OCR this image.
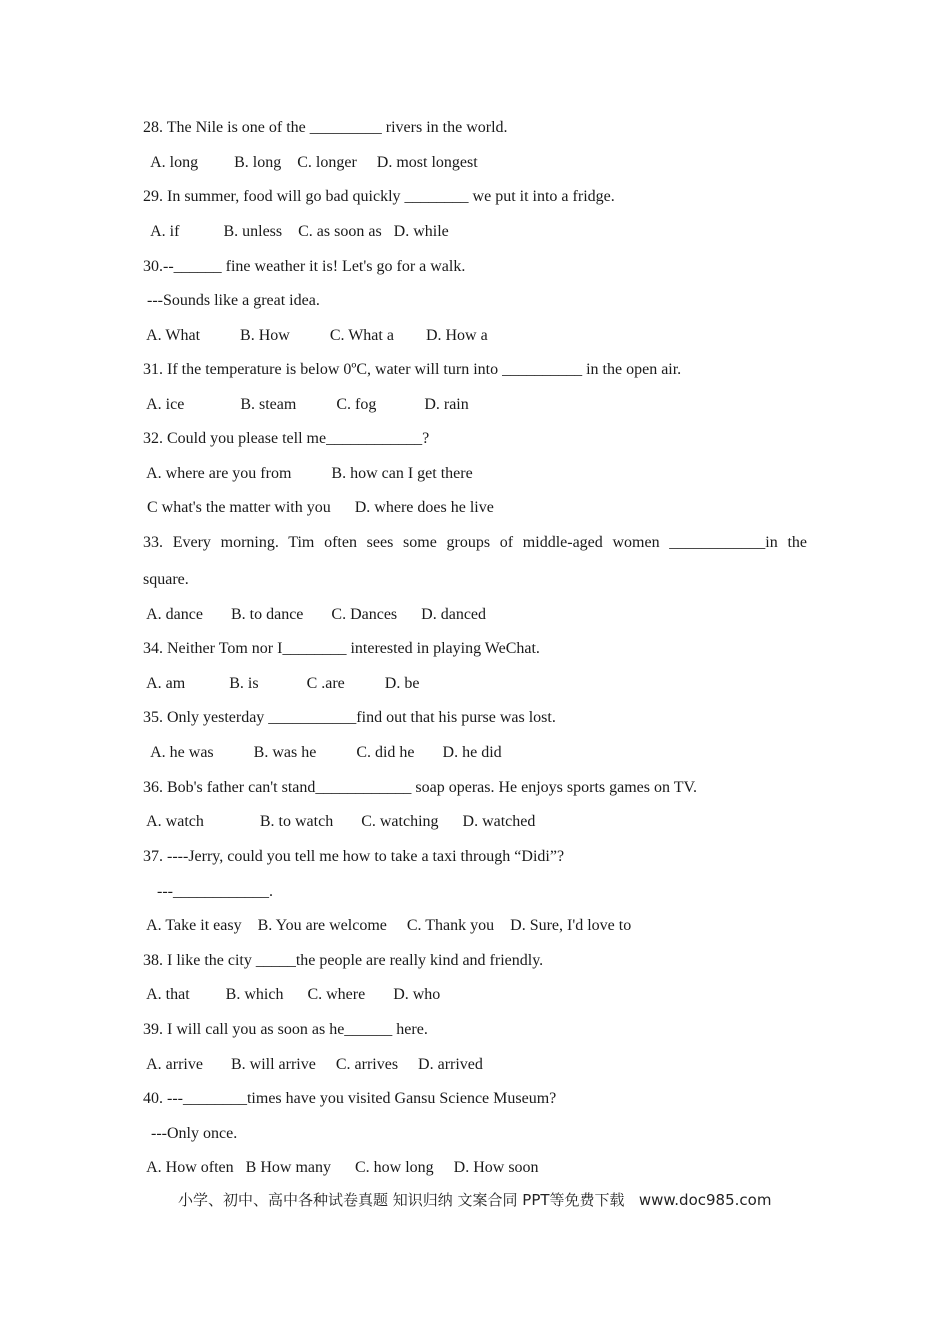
28. The Nile is one of the _________ rivers in the world.
A. long         B. long    C. longer     D. most longest
29. In summer, food will go bad quickly ________ we put it into a fridge.
A. if           B. unless    C. as soon as   D. while
30.--______ fine weather it is! Let's go for a walk.
---Sounds like a great idea.
A. What          B. How          C. What a        D. How a
31. If the temperature is below 0ºC, water will turn into __________ in the open air.
A. ice              B. steam          C. fog            D. rain
32. Could you please tell me____________?
A. where are you from          B. how can I get there
C what's the matter with you      D. where does he live
33. Every morning. Tim often sees some groups of middle-aged women ____________in the
square.
A. dance       B. to dance       C. Dances      D. danced
34. Neither Tom nor I________ interested in playing WeChat.
A. am           B. is            C .are          D. be
35. Only yesterday ___________find out that his purse was lost.
A. he was          B. was he          C. did he       D. he did
36. Bob's father can't stand____________ soap operas. He enjoys sports games on TV.
A. watch              B. to watch       C. watching      D. watched
37. ----Jerry, could you tell me how to take a taxi through “Didi”?
---____________.
A. Take it easy    B. You are welcome     C. Thank you    D. Sure, I'd love to
38. I like the city _____the people are really kind and friendly.
A. that         B. which      C. where       D. who
39. I will call you as soon as he______ here.
A. arrive       B. will arrive     C. arrives     D. arrived
40. ---________times have you visited Gansu Science Museum?
---Only once.
A. How often   B How many      C. how long     D. How soon
小学、初中、高中各种试卷真题 知识归纳 文案合同 PPT等免费下载   www.doc985.com
